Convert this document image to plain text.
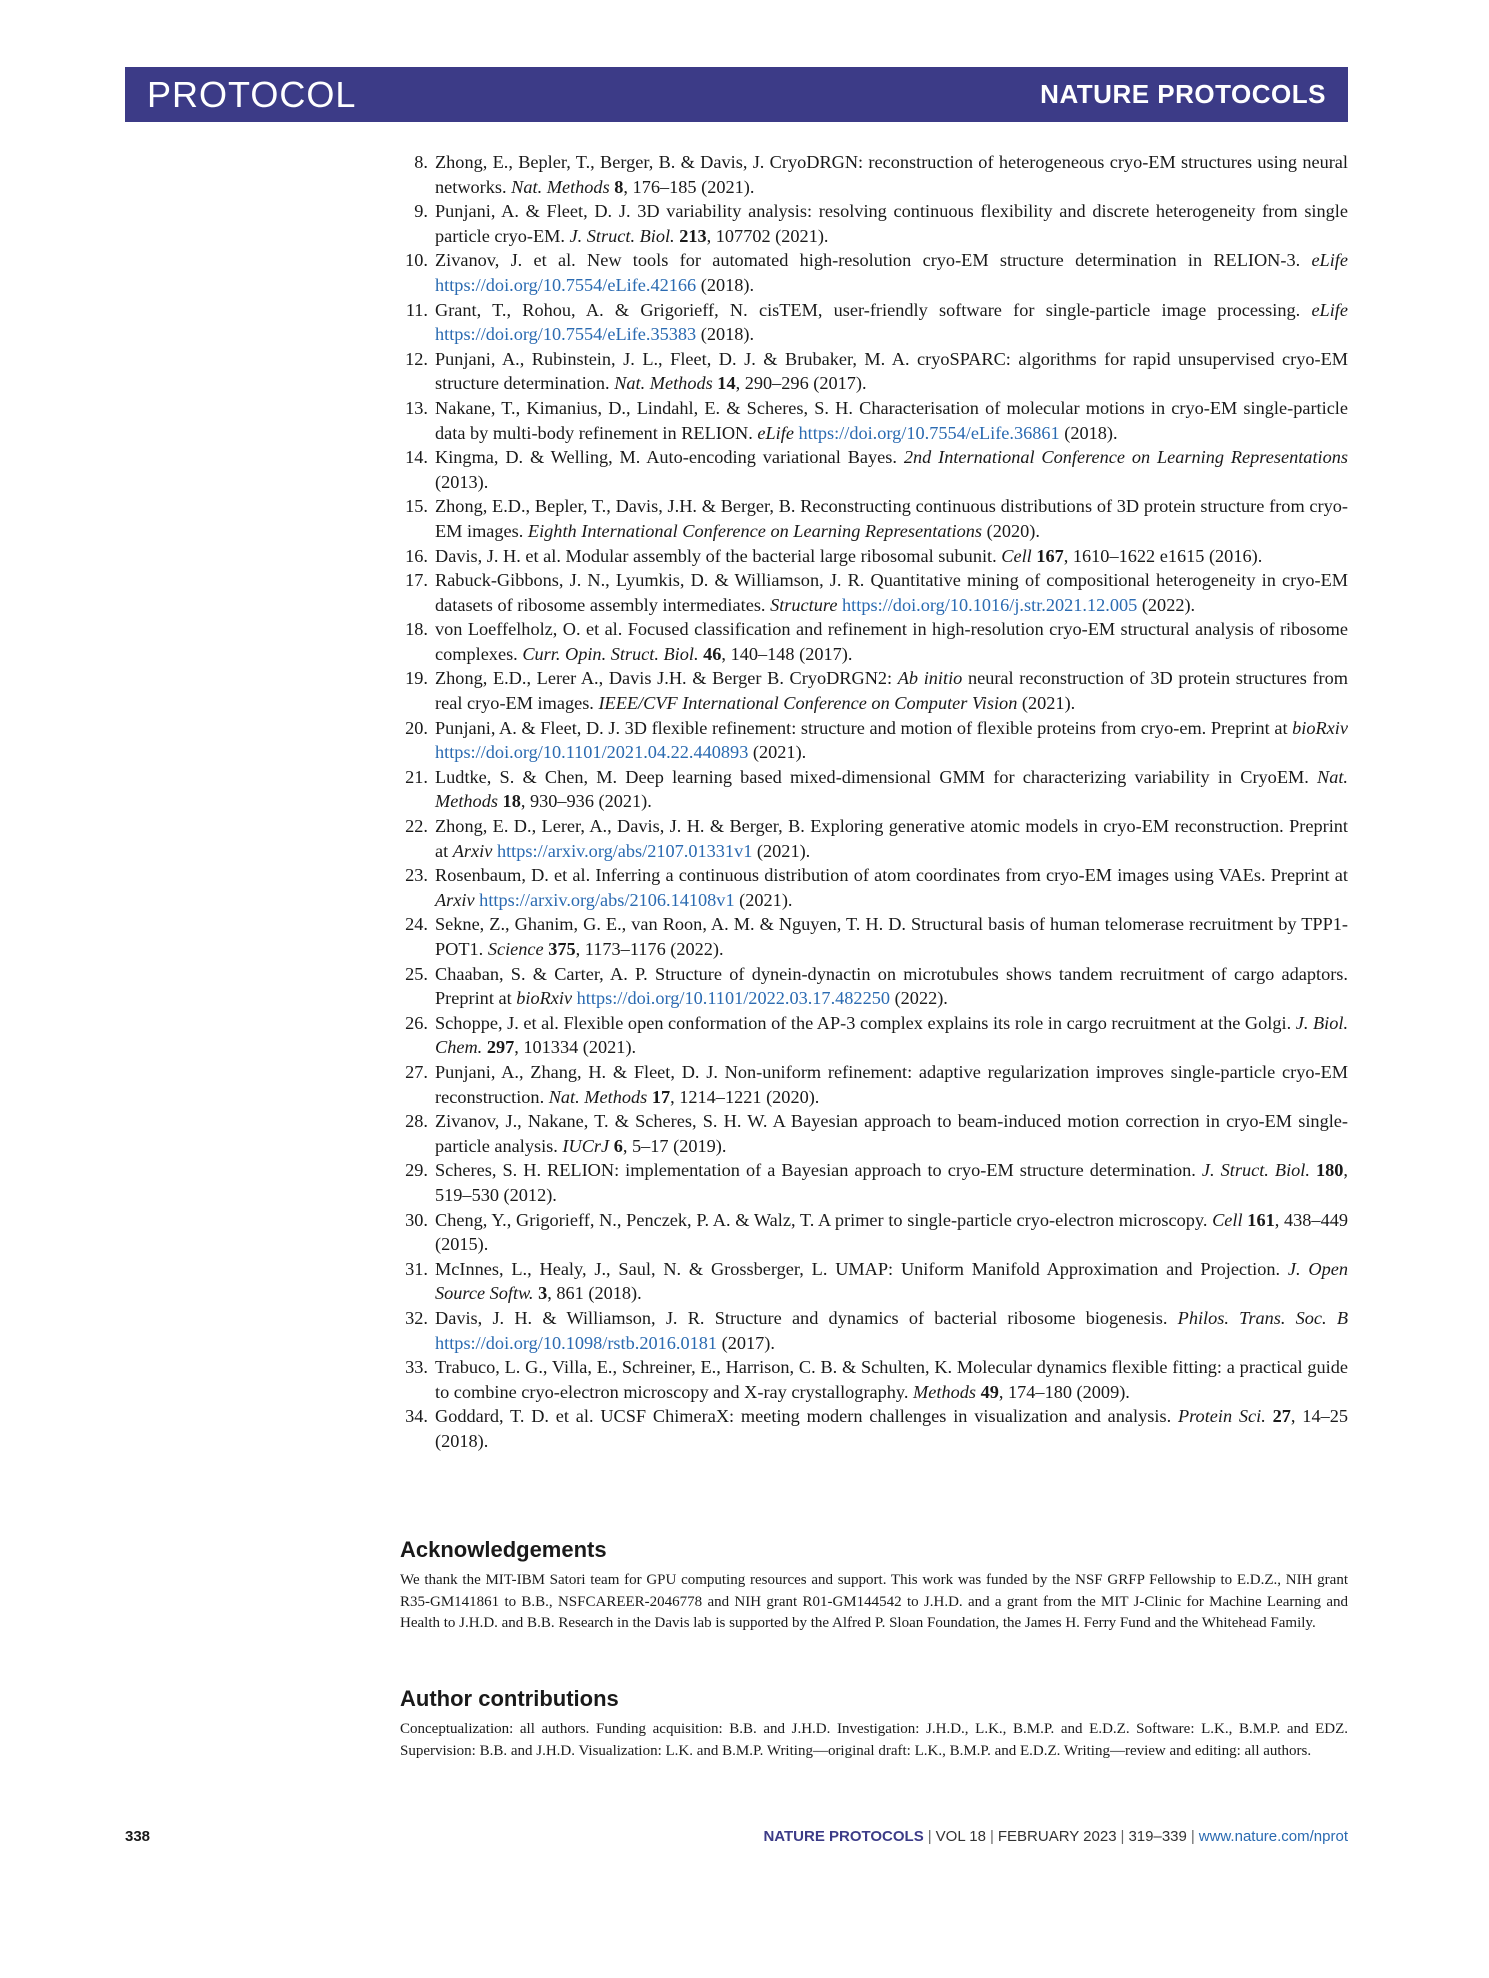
PROTOCOL	NATURE PROTOCOLS
8. Zhong, E., Bepler, T., Berger, B. & Davis, J. CryoDRGN: reconstruction of heterogeneous cryo-EM structures using neural networks. Nat. Methods 8, 176–185 (2021).
9. Punjani, A. & Fleet, D. J. 3D variability analysis: resolving continuous flexibility and discrete heterogeneity from single particle cryo-EM. J. Struct. Biol. 213, 107702 (2021).
10. Zivanov, J. et al. New tools for automated high-resolution cryo-EM structure determination in RELION-3. eLife https://doi.org/10.7554/eLife.42166 (2018).
11. Grant, T., Rohou, A. & Grigorieff, N. cisTEM, user-friendly software for single-particle image processing. eLife https://doi.org/10.7554/eLife.35383 (2018).
12. Punjani, A., Rubinstein, J. L., Fleet, D. J. & Brubaker, M. A. cryoSPARC: algorithms for rapid unsupervised cryo-EM structure determination. Nat. Methods 14, 290–296 (2017).
13. Nakane, T., Kimanius, D., Lindahl, E. & Scheres, S. H. Characterisation of molecular motions in cryo-EM single-particle data by multi-body refinement in RELION. eLife https://doi.org/10.7554/eLife.36861 (2018).
14. Kingma, D. & Welling, M. Auto-encoding variational Bayes. 2nd International Conference on Learning Representations (2013).
15. Zhong, E.D., Bepler, T., Davis, J.H. & Berger, B. Reconstructing continuous distributions of 3D protein structure from cryo-EM images. Eighth International Conference on Learning Representations (2020).
16. Davis, J. H. et al. Modular assembly of the bacterial large ribosomal subunit. Cell 167, 1610–1622 e1615 (2016).
17. Rabuck-Gibbons, J. N., Lyumkis, D. & Williamson, J. R. Quantitative mining of compositional heterogeneity in cryo-EM datasets of ribosome assembly intermediates. Structure https://doi.org/10.1016/j.str.2021.12.005 (2022).
18. von Loeffelholz, O. et al. Focused classification and refinement in high-resolution cryo-EM structural analysis of ribosome complexes. Curr. Opin. Struct. Biol. 46, 140–148 (2017).
19. Zhong, E.D., Lerer A., Davis J.H. & Berger B. CryoDRGN2: Ab initio neural reconstruction of 3D protein structures from real cryo-EM images. IEEE/CVF International Conference on Computer Vision (2021).
20. Punjani, A. & Fleet, D. J. 3D flexible refinement: structure and motion of flexible proteins from cryo-em. Preprint at bioRxiv https://doi.org/10.1101/2021.04.22.440893 (2021).
21. Ludtke, S. & Chen, M. Deep learning based mixed-dimensional GMM for characterizing variability in CryoEM. Nat. Methods 18, 930–936 (2021).
22. Zhong, E. D., Lerer, A., Davis, J. H. & Berger, B. Exploring generative atomic models in cryo-EM reconstruction. Preprint at Arxiv https://arxiv.org/abs/2107.01331v1 (2021).
23. Rosenbaum, D. et al. Inferring a continuous distribution of atom coordinates from cryo-EM images using VAEs. Preprint at Arxiv https://arxiv.org/abs/2106.14108v1 (2021).
24. Sekne, Z., Ghanim, G. E., van Roon, A. M. & Nguyen, T. H. D. Structural basis of human telomerase recruitment by TPP1-POT1. Science 375, 1173–1176 (2022).
25. Chaaban, S. & Carter, A. P. Structure of dynein-dynactin on microtubules shows tandem recruitment of cargo adaptors. Preprint at bioRxiv https://doi.org/10.1101/2022.03.17.482250 (2022).
26. Schoppe, J. et al. Flexible open conformation of the AP-3 complex explains its role in cargo recruitment at the Golgi. J. Biol. Chem. 297, 101334 (2021).
27. Punjani, A., Zhang, H. & Fleet, D. J. Non-uniform refinement: adaptive regularization improves single-particle cryo-EM reconstruction. Nat. Methods 17, 1214–1221 (2020).
28. Zivanov, J., Nakane, T. & Scheres, S. H. W. A Bayesian approach to beam-induced motion correction in cryo-EM single-particle analysis. IUCrJ 6, 5–17 (2019).
29. Scheres, S. H. RELION: implementation of a Bayesian approach to cryo-EM structure determination. J. Struct. Biol. 180, 519–530 (2012).
30. Cheng, Y., Grigorieff, N., Penczek, P. A. & Walz, T. A primer to single-particle cryo-electron microscopy. Cell 161, 438–449 (2015).
31. McInnes, L., Healy, J., Saul, N. & Grossberger, L. UMAP: Uniform Manifold Approximation and Projection. J. Open Source Softw. 3, 861 (2018).
32. Davis, J. H. & Williamson, J. R. Structure and dynamics of bacterial ribosome biogenesis. Philos. Trans. Soc. B https://doi.org/10.1098/rstb.2016.0181 (2017).
33. Trabuco, L. G., Villa, E., Schreiner, E., Harrison, C. B. & Schulten, K. Molecular dynamics flexible fitting: a practical guide to combine cryo-electron microscopy and X-ray crystallography. Methods 49, 174–180 (2009).
34. Goddard, T. D. et al. UCSF ChimeraX: meeting modern challenges in visualization and analysis. Protein Sci. 27, 14–25 (2018).
Acknowledgements

We thank the MIT-IBM Satori team for GPU computing resources and support. This work was funded by the NSF GRFP Fellowship to E.D.Z., NIH grant R35-GM141861 to B.B., NSFCAREER-2046778 and NIH grant R01-GM144542 to J.H.D. and a grant from the MIT J-Clinic for Machine Learning and Health to J.H.D. and B.B. Research in the Davis lab is supported by the Alfred P. Sloan Foundation, the James H. Ferry Fund and the Whitehead Family.

Author contributions

Conceptualization: all authors. Funding acquisition: B.B. and J.H.D. Investigation: J.H.D., L.K., B.M.P. and E.D.Z. Software: L.K., B.M.P. and EDZ. Supervision: B.B. and J.H.D. Visualization: L.K. and B.M.P. Writing—original draft: L.K., B.M.P. and E.D.Z. Writing—review and editing: all authors.

338	NATURE PROTOCOLS | VOL 18 | FEBRUARY 2023 | 319–339 | www.nature.com/nprot
